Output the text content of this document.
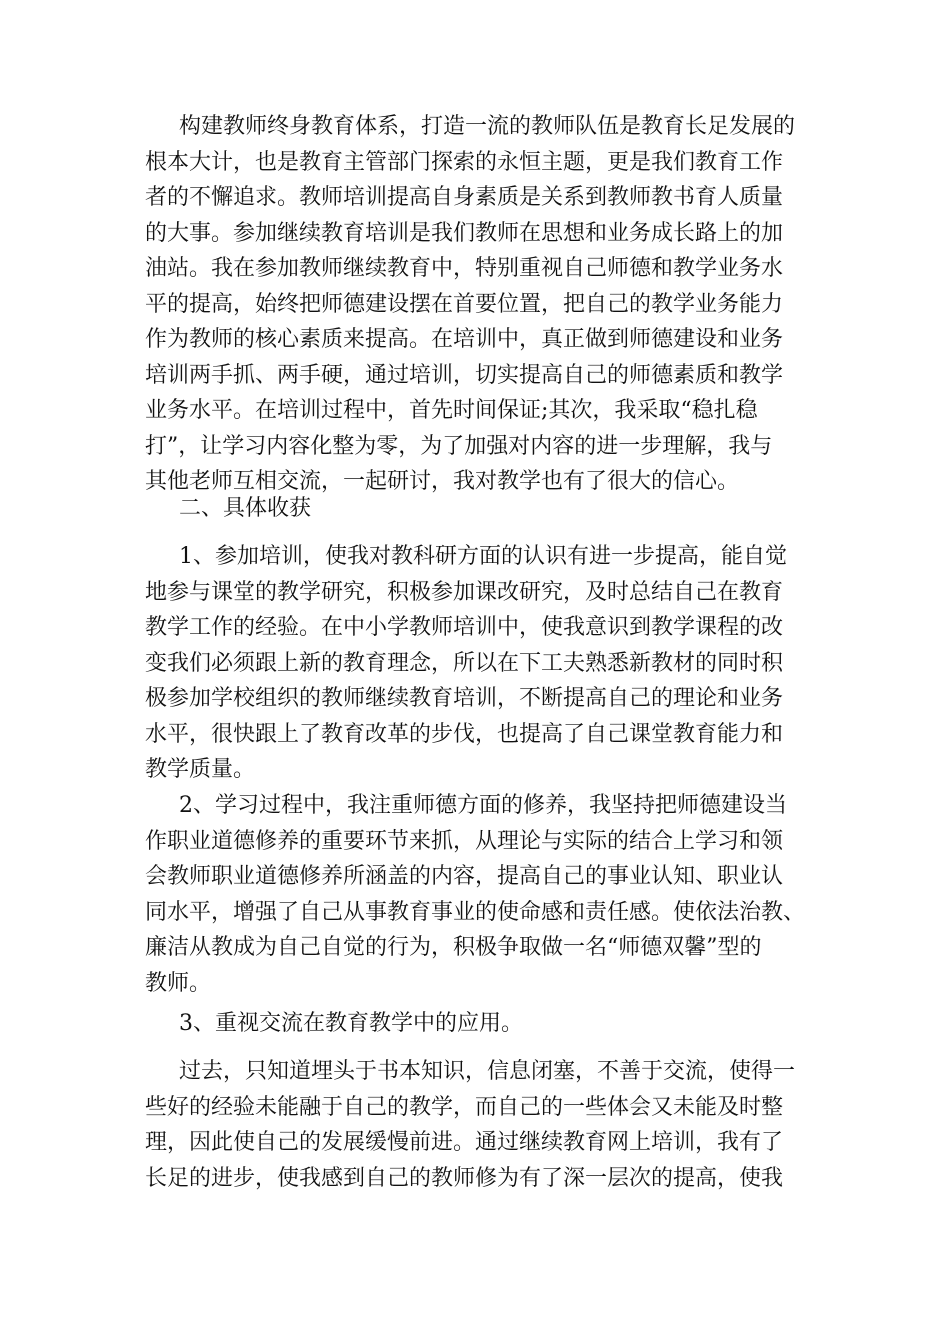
构建教师终身教育体系，打造一流的教师队伍是教育长足发展的
根本大计，也是教育主管部门探索的永恒主题，更是我们教育工作
者的不懈追求。教师培训提高自身素质是关系到教师教书育人质量
的大事。参加继续教育培训是我们教师在思想和业务成长路上的加
油站。我在参加教师继续教育中，特别重视自己师德和教学业务水
平的提高，始终把师德建设摆在首要位置，把自己的教学业务能力
作为教师的核心素质来提高。在培训中，真正做到师德建设和业务
培训两手抓、两手硬，通过培训，切实提高自己的师德素质和教学
业务水平。在培训过程中，首先时间保证;其次，我采取“稳扎稳
打”，让学习内容化整为零，为了加强对内容的进一步理解，我与
其他老师互相交流，一起研讨，我对教学也有了很大的信心。
二、具体收获
1、参加培训，使我对教科研方面的认识有进一步提高，能自觉
地参与课堂的教学研究，积极参加课改研究，及时总结自己在教育
教学工作的经验。在中小学教师培训中，使我意识到教学课程的改
变我们必须跟上新的教育理念，所以在下工夫熟悉新教材的同时积
极参加学校组织的教师继续教育培训，不断提高自己的理论和业务
水平，很快跟上了教育改革的步伐，也提高了自己课堂教育能力和
教学质量。
2、学习过程中，我注重师德方面的修养，我坚持把师德建设当
作职业道德修养的重要环节来抓，从理论与实际的结合上学习和领
会教师职业道德修养所涵盖的内容，提高自己的事业认知、职业认
同水平，增强了自己从事教育事业的使命感和责任感。使依法治教、
廉洁从教成为自己自觉的行为，积极争取做一名“师德双馨”型的
教师。
3、重视交流在教育教学中的应用。
过去，只知道埋头于书本知识，信息闭塞，不善于交流，使得一
些好的经验未能融于自己的教学，而自己的一些体会又未能及时整
理，因此使自己的发展缓慢前进。通过继续教育网上培训，我有了
长足的进步，使我感到自己的教师修为有了深一层次的提高，使我
